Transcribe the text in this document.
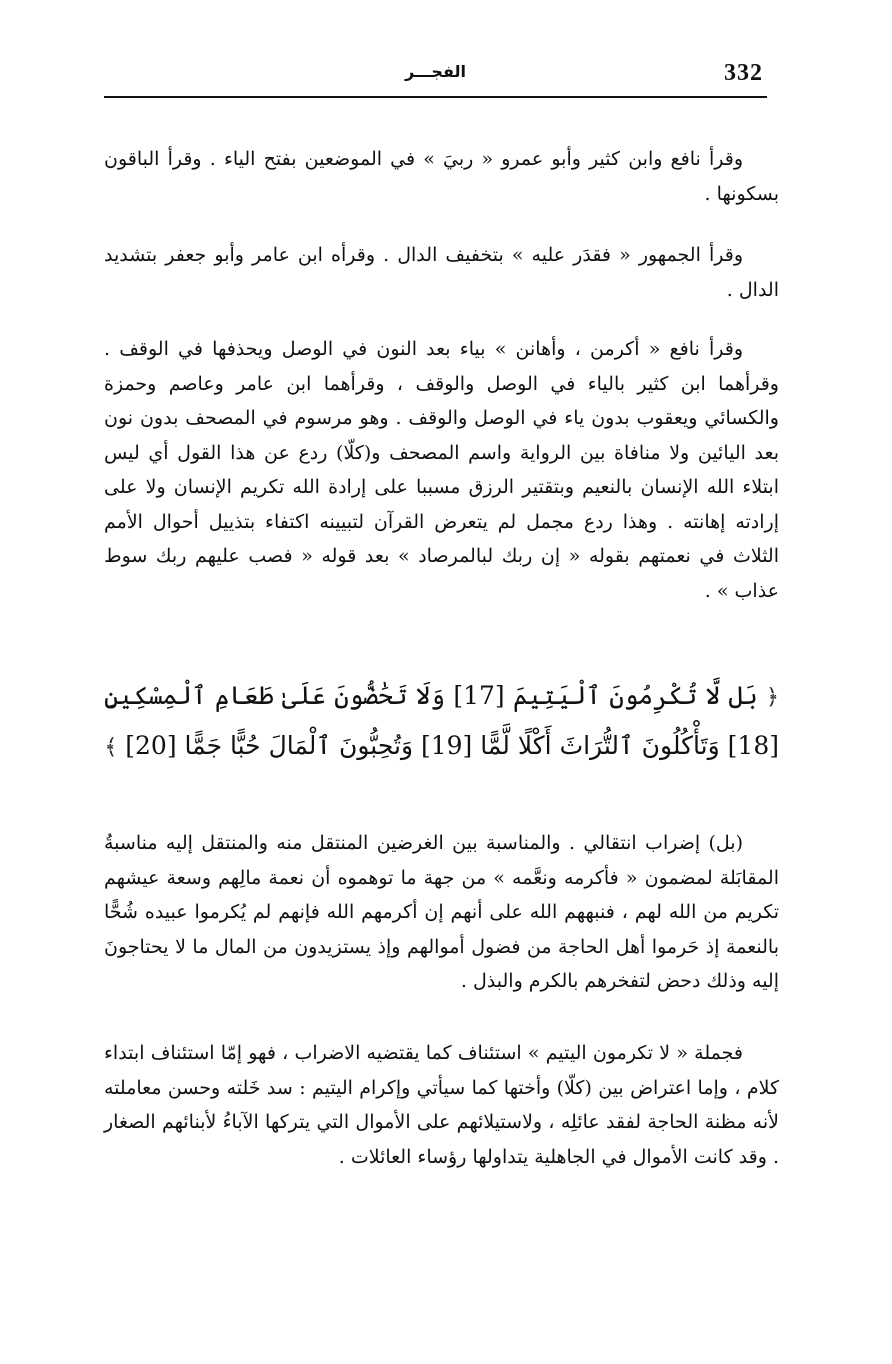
332
الفجـــر

وقرأ نافع وابن كثير وأبو عمرو « ربيَ » في الموضعين بفتح الياء . وقرأ الباقون بسكونها .

وقرأ الجمهور « فقدَر عليه » بتخفيف الدال . وقرأه ابن عامر وأبو جعفر بتشديد الدال .

وقرأ نافع « أكرمن ، وأهانن » بياء بعد النون في الوصل ويحذفها في الوقف . وقرأهما ابن كثير بالياء في الوصل والوقف ، وقرأهما ابن عامر وعاصم وحمزة والكسائي ويعقوب بدون ياء في الوصل والوقف . وهو مرسوم في المصحف بدون نون بعد اليائين ولا منافاة بين الرواية واسم المصحف و(كلّا) ردع عن هذا القول أي ليس ابتلاء الله الإنسان بالنعيم وبتقتير الرزق مسببا على إرادة الله تكريم الإنسان ولا على إرادته إهانته . وهذا ردع مجمل لم يتعرض القرآن لتبيينه اكتفاء بتذييل أحوال الأمم الثلاث في نعمتهم بقوله « إن ربك لبالمرصاد » بعد قوله « فصب عليهم ربك سوط عذاب » .

﴿ بَل لَّا تُكْرِمُونَ ٱلْيَتِيمَ [17] وَلَا تَحَٰضُّونَ عَلَىٰ طَعَامِ ٱلْمِسْكِينِ [18] وَتَأْكُلُونَ ٱلتُّرَاثَ أَكْلًا لَّمًّا [19] وَتُحِبُّونَ ٱلْمَالَ حُبًّا جَمًّا [20] ﴾

(بل) إضراب انتقالي . والمناسبة بين الغرضين المنتقل منه والمنتقل إليه مناسبةُ المقابَلة لمضمون « فأكرمه ونعَّمه » من جهة ما توهموه أن نعمة مالِهم وسعة عيشهم تكريم من الله لهم ، فنبههم الله على أنهم إن أكرمهم الله فإنهم لم يُكرموا عبيده شُحًّا بالنعمة إذ حَرموا أهل الحاجة من فضول أموالهم وإذ يستزيدون من المال ما لا يحتاجونَ إليه وذلك دحض لتفخرهم بالكرم والبذل .

فجملة « لا تكرمون اليتيم » استئناف كما يقتضيه الاضراب ، فهو إمّا استئناف ابتداء كلام ، وإما اعتراض بين (كلّا) وأختها كما سيأتي وإكرام اليتيم : سد خَلته وحسن معاملته لأنه مظنة الحاجة لفقد عائلِه ، ولاستيلائهم على الأموال التي يتركها الآباءُ لأبنائهم الصغار . وقد كانت الأموال في الجاهلية يتداولها رؤساء العائلات .
